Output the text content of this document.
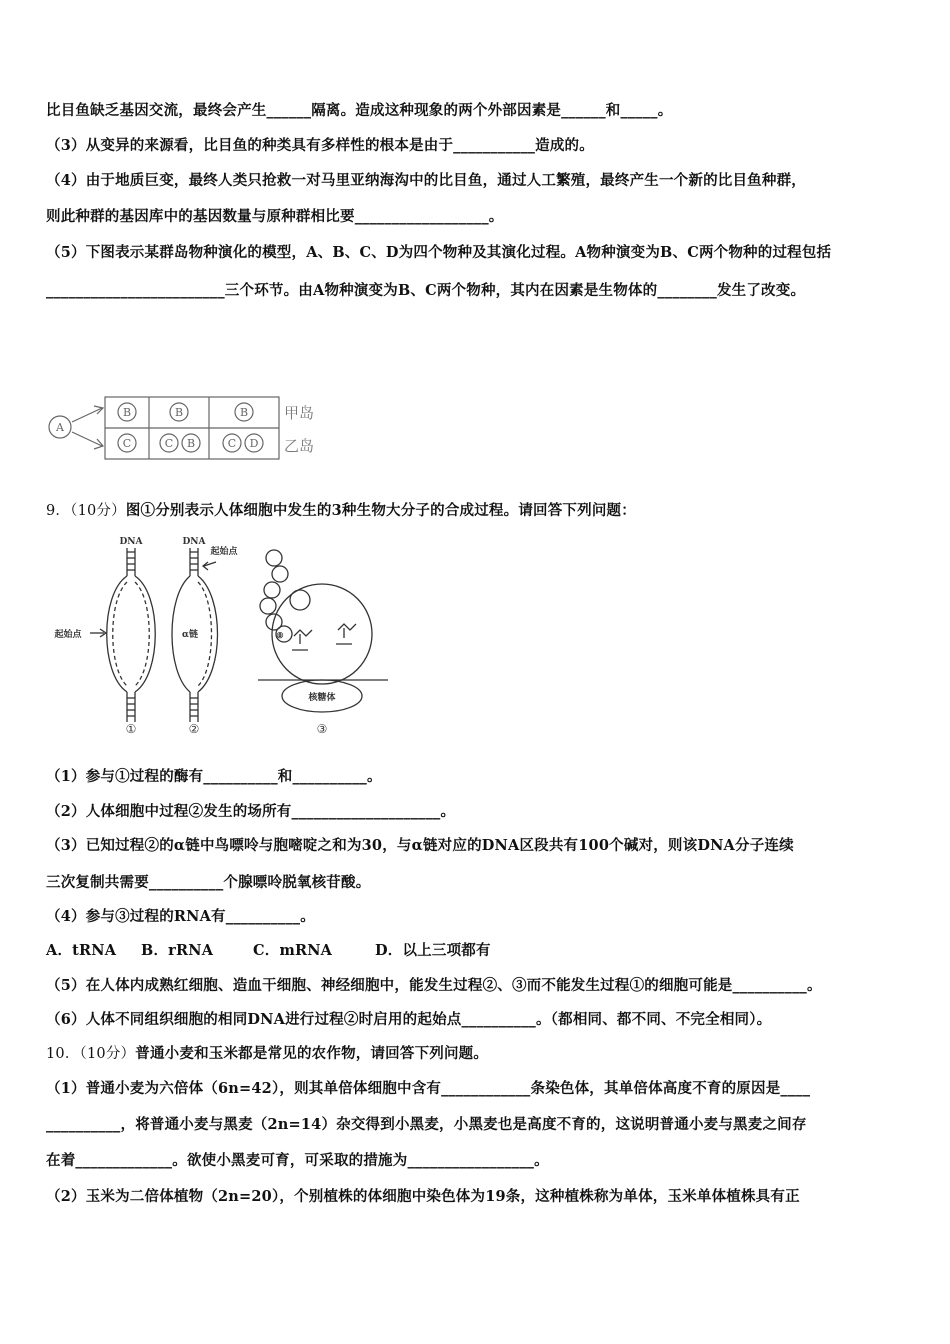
比目鱼缺乏基因交流，最终会产生______隔离。造成这种现象的两个外部因素是______和_____。
（3）从变异的来源看，比目鱼的种类具有多样性的根本是由于___________造成的。
（4）由于地质巨变，最终人类只抢救一对马里亚纳海沟中的比目鱼，通过人工繁殖，最终产生一个新的比目鱼种群，
则此种群的基因库中的基因数量与原种群相比要__________________。
（5）下图表示某群岛物种演化的模型，A、B、C、D为四个物种及其演化过程。A物种演变为B、C两个物种的过程包括
________________________三个环节。由A物种演变为B、C两个物种，其内在因素是生物体的________发生了改变。
A
B	B	B
C	C B	C D
甲岛
乙岛
9．（10分）图①分别表示人体细胞中发生的3种生物大分子的合成过程。请回答下列问题：
DNA	DNA
起始点
起始点
α链
核糖体
⑧
①	②	③
（1）参与①过程的酶有__________和__________。
（2）人体细胞中过程②发生的场所有____________________。
（3）已知过程②的α链中鸟嘌呤与胞嘧啶之和为30，与α链对应的DNA区段共有100个碱对，则该DNA分子连续
三次复制共需要__________个腺嘌呤脱氧核苷酸。
（4）参与③过程的RNA有__________。
A．tRNA B．rRNA	C．mRNA	D．以上三项都有
（5）在人体内成熟红细胞、造血干细胞、神经细胞中，能发生过程②、③而不能发生过程①的细胞可能是__________。
（6）人体不同组织细胞的相同DNA进行过程②时启用的起始点__________。（都相同、都不同、不完全相同）。
10．（10分）普通小麦和玉米都是常见的农作物，请回答下列问题。
（1）普通小麦为六倍体（6n=42），则其单倍体细胞中含有____________条染色体，其单倍体高度不育的原因是____
__________，将普通小麦与黑麦（2n=14）杂交得到小黑麦，小黑麦也是高度不育的，这说明普通小麦与黑麦之间存
在着_____________。欲使小黑麦可育，可采取的措施为_________________。
（2）玉米为二倍体植物（2n=20），个别植株的体细胞中染色体为19条，这种植株称为单体，玉米单体植株具有正
